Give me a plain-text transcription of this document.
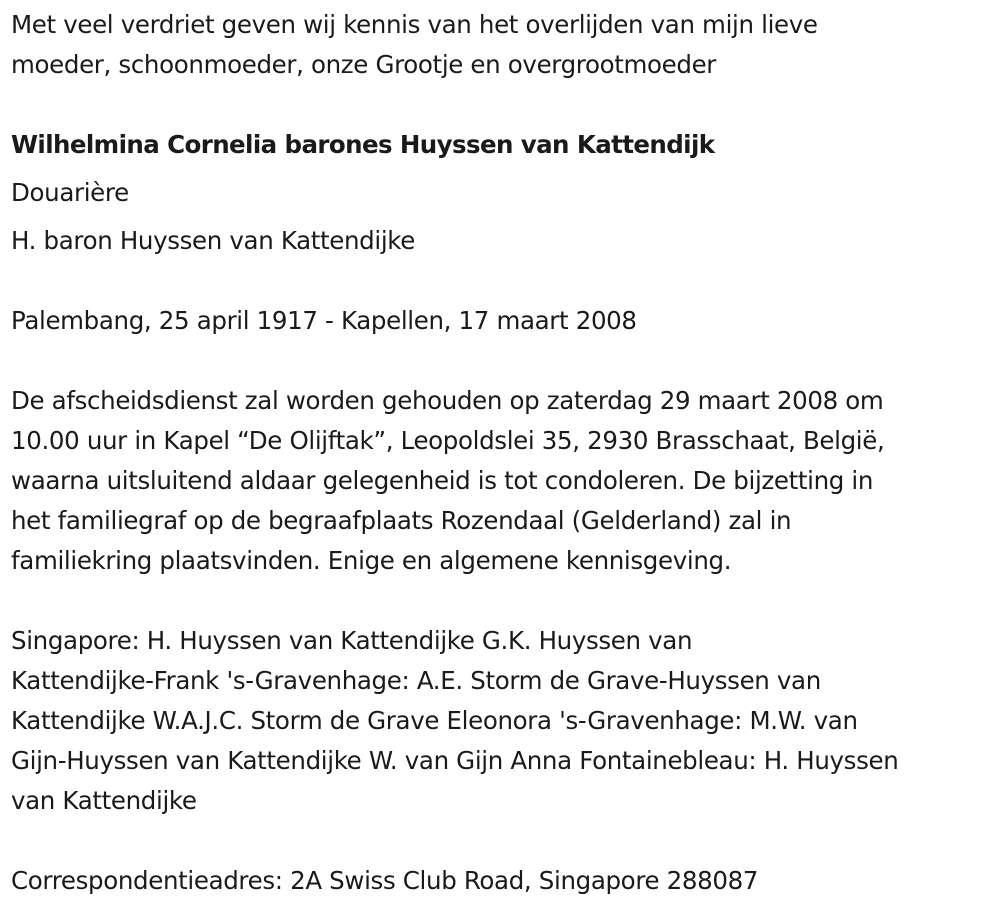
Met veel verdriet geven wij kennis van het overlijden van mijn lieve

moeder, schoonmoeder, onze Grootje en overgrootmoeder

Wilhelmina Cornelia barones Huyssen van Kattendijk

Douarière

H. baron Huyssen van Kattendijke

Palembang, 25 april 1917 - Kapellen, 17 maart 2008

De afscheidsdienst zal worden gehouden op zaterdag 29 maart 2008 om

10.00 uur in Kapel “De Olijftak”, Leopoldslei 35, 2930 Brasschaat, België,

waarna uitsluitend aldaar gelegenheid is tot condoleren. De bijzetting in

het familiegraf op de begraafplaats Rozendaal (Gelderland) zal in

familiekring plaatsvinden. Enige en algemene kennisgeving.

Singapore: H. Huyssen van Kattendijke G.K. Huyssen van

Kattendijke-Frank 's-Gravenhage: A.E. Storm de Grave-Huyssen van

Kattendijke W.A.J.C. Storm de Grave Eleonora 's-Gravenhage: M.W. van

Gijn-Huyssen van Kattendijke W. van Gijn Anna Fontainebleau: H. Huyssen

van Kattendijke

Correspondentieadres: 2A Swiss Club Road, Singapore 288087
